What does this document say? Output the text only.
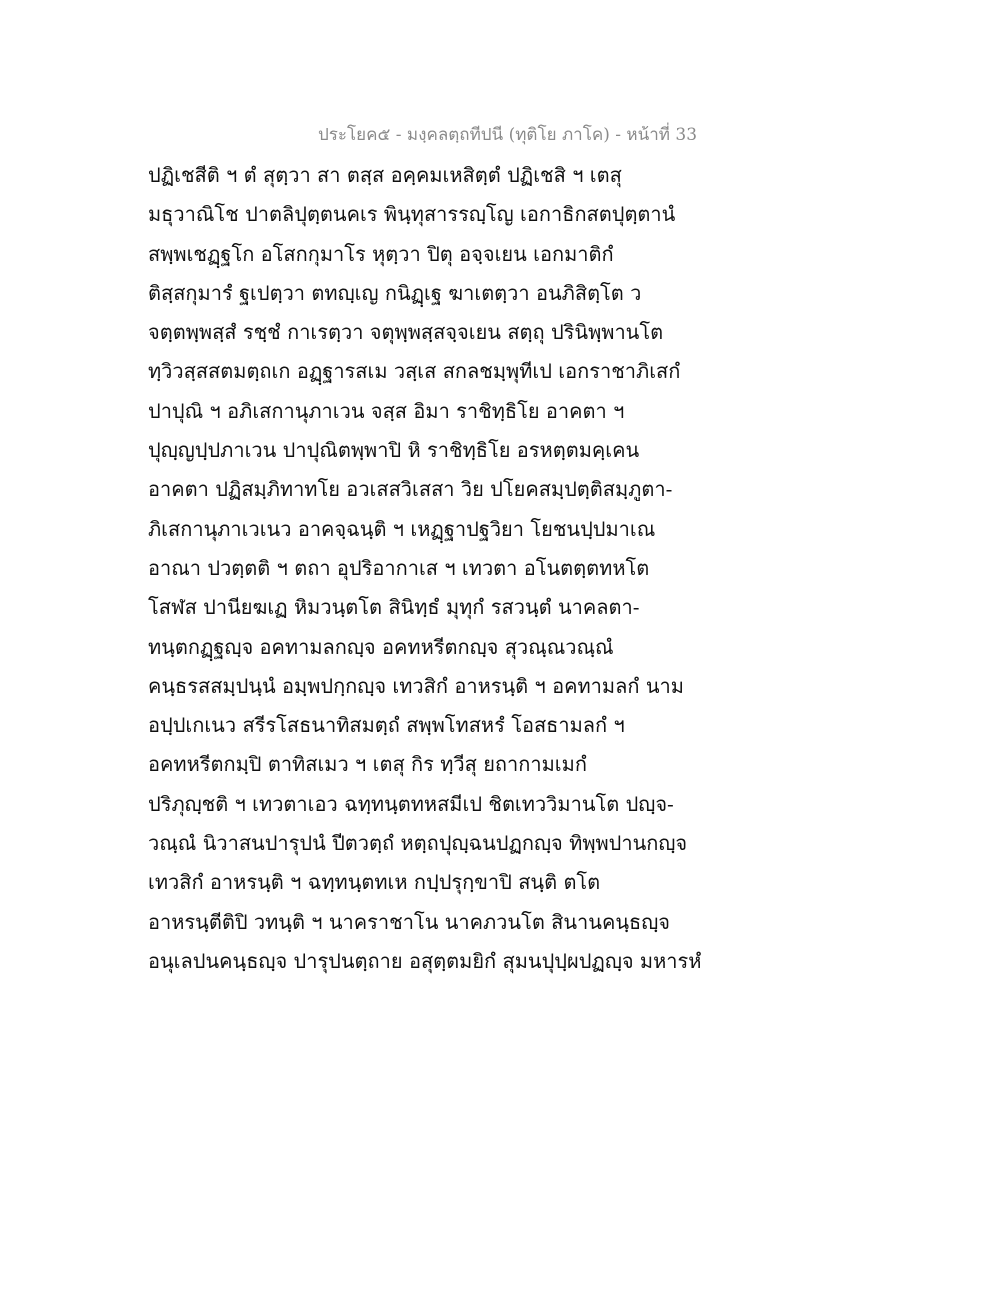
ประโยค๕ - มงฺคลตฺถทีปนี (ทุติโย ภาโค) - หน้าที่ 33
ปฏิเชสีติ ฯ ตํ สุตฺวา สา ตสฺส อคฺคมเหสิตฺตํ ปฏิเชสิ ฯ เตสุ
มธุวาณิโช ปาตลิปุตฺตนคเร พินฺทุสารรญฺโญ เอกาธิกสตปุตฺตานํ
สพฺพเชฏฺฐโก อโสกกุมาโร หุตฺวา ปิตุ อจฺจเยน เอกมาติกํ
ติสฺสกุมารํ ฐเปตฺวา ตทญฺเญ กนิฏฺเฐ ฆาเตตฺวา อนภิสิตฺโต ว
จตฺตพฺพสฺสํ รชฺชํ กาเรตฺวา จตุพฺพสฺสจฺจเยน สตฺถุ ปรินิพฺพานโต
ทฺวิวสฺสสตมตฺถเก อฏฺฐารสเม วสฺเส สกลชมฺพุทีเป เอกราชาภิเสกํ
ปาปุณิ ฯ อภิเสกานุภาเวน จสฺส อิมา ราชิทฺธิโย อาคตา ฯ
ปุญฺญปฺปภาเวน ปาปุณิตพฺพาปิ หิ ราชิทฺธิโย อรหตฺตมคฺเคน
อาคตา ปฏิสมฺภิทาทโย อวเสสวิเสสา วิย ปโยคสมฺปตฺติสมฺภูตา-
ภิเสกานุภาเวเนว อาคจฺฉนฺติ ฯ เหฏฺฐาปฐวิยา โยชนปฺปมาเณ
อาณา ปวตฺตติ ฯ ตถา อุปริอากาเส ฯ เทวตา อโนตตฺตทหโต
โสฬส ปานียฆเฏ หิมวนฺตโต สินิทฺธํ มุทุกํ รสวนฺตํ นาคลตา-
ทนฺตกฏฺฐญฺจ อคทามลกญฺจ อคทหรีตกญฺจ สุวณฺณวณฺณํ
คนฺธรสสมฺปนฺนํ อมฺพปกฺกญฺจ เทวสิกํ อาหรนฺติ ฯ อคทามลกํ นาม
อปฺปเกเนว สรีรโสธนาทิสมตฺถํ สพฺพโทสหรํ โอสธามลกํ ฯ
อคทหรีตกมฺปิ ตาทิสเมว ฯ เตสุ กิร ทฺวีสุ ยถากามเมกํ
ปริภุญฺชติ ฯ เทวตาเอว ฉทฺทนฺตทหสมีเป ชิตเทววิมานโต ปญฺจ-
วณฺณํ นิวาสนปารุปนํ ปีตวตฺถํ หตฺถปุญฺฉนปฏกญฺจ ทิพฺพปานกญฺจ
เทวสิกํ อาหรนฺติ ฯ ฉทฺทนฺตทเห กปฺปรุกฺขาปิ สนฺติ ตโต
อาหรนฺตีติปิ วทนฺติ ฯ นาคราชาโน นาคภวนโต สินานคนฺธญฺจ
อนุเลปนคนฺธญฺจ ปารุปนตฺถาย อสุตฺตมยิกํ สุมนปุปฺผปฏญฺจ มหารหํ
